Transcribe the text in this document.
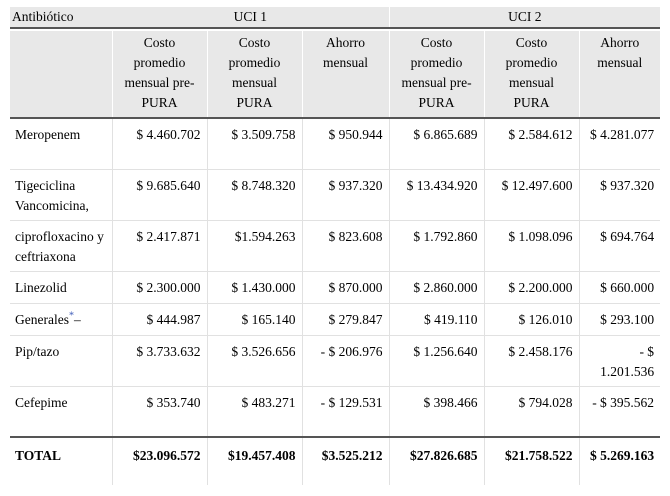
Antibiótico	UCI 1			UCI 2		

	Costo promedio mensual pre-PURA	Costo promedio mensual PURA	Ahorro mensual	Costo promedio mensual pre-PURA	Costo promedio mensual PURA	Ahorro mensual
Meropenem	$ 4.460.702	$ 3.509.758	$ 950.944	$ 6.865.689	$ 2.584.612	$ 4.281.077
Tigeciclina Vancomicina,	$ 9.685.640	$ 8.748.320	$ 937.320	$ 13.434.920	$ 12.497.600	$ 937.320
ciprofloxacino y ceftriaxona	$ 2.417.871	$1.594.263	$ 823.608	$ 1.792.860	$ 1.098.096	$ 694.764
Linezolid	$ 2.300.000	$ 1.430.000	$ 870.000	$ 2.860.000	$ 2.200.000	$ 660.000
Generales*–	$ 444.987	$ 165.140	$ 279.847	$ 419.110	$ 126.010	$ 293.100
Pip/tazo	$ 3.733.632	$ 3.526.656	- $ 206.976	$ 1.256.640	$ 2.458.176	- $ 1.201.536
Cefepime	$ 353.740	$ 483.271	- $ 129.531	$ 398.466	$ 794.028	- $ 395.562
TOTAL	$23.096.572	$19.457.408	$3.525.212	$27.826.685	$21.758.522	$ 5.269.163
